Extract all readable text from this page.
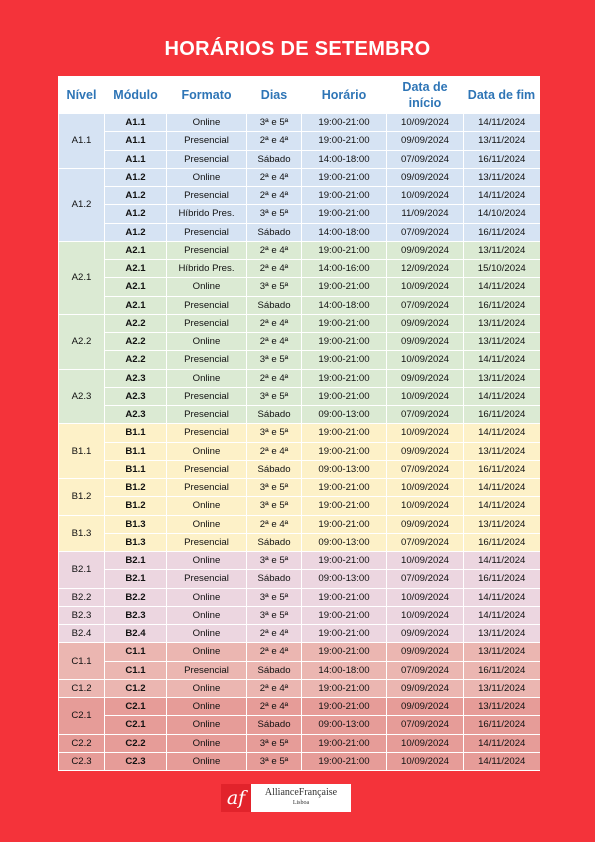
HORÁRIOS DE SETEMBRO
Nível	Módulo	Formato	Dias	Horário	Data de início	Data de fim
A1.1	A1.1	Online	3ª e 5ª	19:00-21:00	10/09/2024	14/11/2024
	A1.1	Presencial	2ª e 4ª	19:00-21:00	09/09/2024	13/11/2024
	A1.1	Presencial	Sábado	14:00-18:00	07/09/2024	16/11/2024
A1.2	A1.2	Online	2ª e 4ª	19:00-21:00	09/09/2024	13/11/2024
	A1.2	Presencial	2ª e 4ª	19:00-21:00	10/09/2024	14/11/2024
	A1.2	Híbrido Pres.	3ª e 5ª	19:00-21:00	11/09/2024	14/10/2024
	A1.2	Presencial	Sábado	14:00-18:00	07/09/2024	16/11/2024
A2.1	A2.1	Presencial	2ª e 4ª	19:00-21:00	09/09/2024	13/11/2024
	A2.1	Híbrido Pres.	2ª e 4ª	14:00-16:00	12/09/2024	15/10/2024
	A2.1	Online	3ª e 5ª	19:00-21:00	10/09/2024	14/11/2024
	A2.1	Presencial	Sábado	14:00-18:00	07/09/2024	16/11/2024
A2.2	A2.2	Presencial	2ª e 4ª	19:00-21:00	09/09/2024	13/11/2024
	A2.2	Online	2ª e 4ª	19:00-21:00	09/09/2024	13/11/2024
	A2.2	Presencial	3ª e 5ª	19:00-21:00	10/09/2024	14/11/2024
A2.3	A2.3	Online	2ª e 4ª	19:00-21:00	09/09/2024	13/11/2024
	A2.3	Presencial	3ª e 5ª	19:00-21:00	10/09/2024	14/11/2024
	A2.3	Presencial	Sábado	09:00-13:00	07/09/2024	16/11/2024
B1.1	B1.1	Presencial	3ª e 5ª	19:00-21:00	10/09/2024	14/11/2024
	B1.1	Online	2ª e 4ª	19:00-21:00	09/09/2024	13/11/2024
	B1.1	Presencial	Sábado	09:00-13:00	07/09/2024	16/11/2024
B1.2	B1.2	Presencial	3ª e 5ª	19:00-21:00	10/09/2024	14/11/2024
	B1.2	Online	3ª e 5ª	19:00-21:00	10/09/2024	14/11/2024
B1.3	B1.3	Online	2ª e 4ª	19:00-21:00	09/09/2024	13/11/2024
	B1.3	Presencial	Sábado	09:00-13:00	07/09/2024	16/11/2024
B2.1	B2.1	Online	3ª e 5ª	19:00-21:00	10/09/2024	14/11/2024
	B2.1	Presencial	Sábado	09:00-13:00	07/09/2024	16/11/2024
B2.2	B2.2	Online	3ª e 5ª	19:00-21:00	10/09/2024	14/11/2024
B2.3	B2.3	Online	3ª e 5ª	19:00-21:00	10/09/2024	14/11/2024
B2.4	B2.4	Online	2ª e 4ª	19:00-21:00	09/09/2024	13/11/2024
C1.1	C1.1	Online	2ª e 4ª	19:00-21:00	09/09/2024	13/11/2024
	C1.1	Presencial	Sábado	14:00-18:00	07/09/2024	16/11/2024
C1.2	C1.2	Online	2ª e 4ª	19:00-21:00	09/09/2024	13/11/2024
C2.1	C2.1	Online	2ª e 4ª	19:00-21:00	09/09/2024	13/11/2024
	C2.1	Online	Sábado	09:00-13:00	07/09/2024	16/11/2024
C2.2	C2.2	Online	3ª e 5ª	19:00-21:00	10/09/2024	14/11/2024
C2.3	C2.3	Online	3ª e 5ª	19:00-21:00	10/09/2024	14/11/2024
af	AllianceFrançaise
Lisboa
